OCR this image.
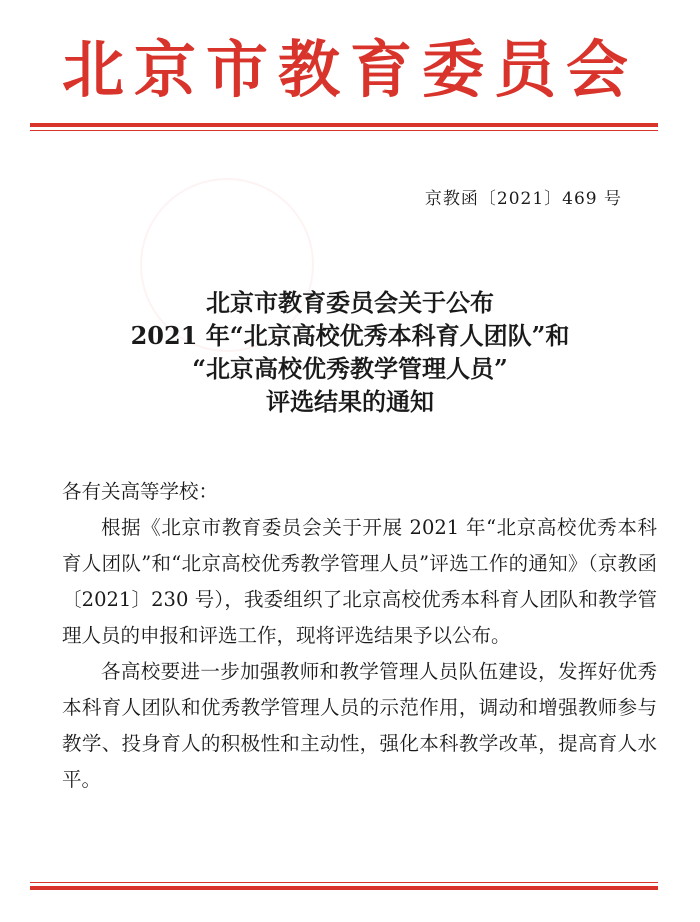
北京市教育委员会
京教函〔2021〕469 号
北京市教育委员会关于公布
2021 年“北京高校优秀本科育人团队”和
“北京高校优秀教学管理人员”
评选结果的通知

各有关高等学校：

根据《北京市教育委员会关于开展 2021 年“北京高校优秀本科育人团队”和“北京高校优秀教学管理人员”评选工作的通知》（京教函〔2021〕230 号），我委组织了北京高校优秀本科育人团队和教学管理人员的申报和评选工作，现将评选结果予以公布。

各高校要进一步加强教师和教学管理人员队伍建设，发挥好优秀本科育人团队和优秀教学管理人员的示范作用，调动和增强教师参与教学、投身育人的积极性和主动性，强化本科教学改革，提高育人水平。
